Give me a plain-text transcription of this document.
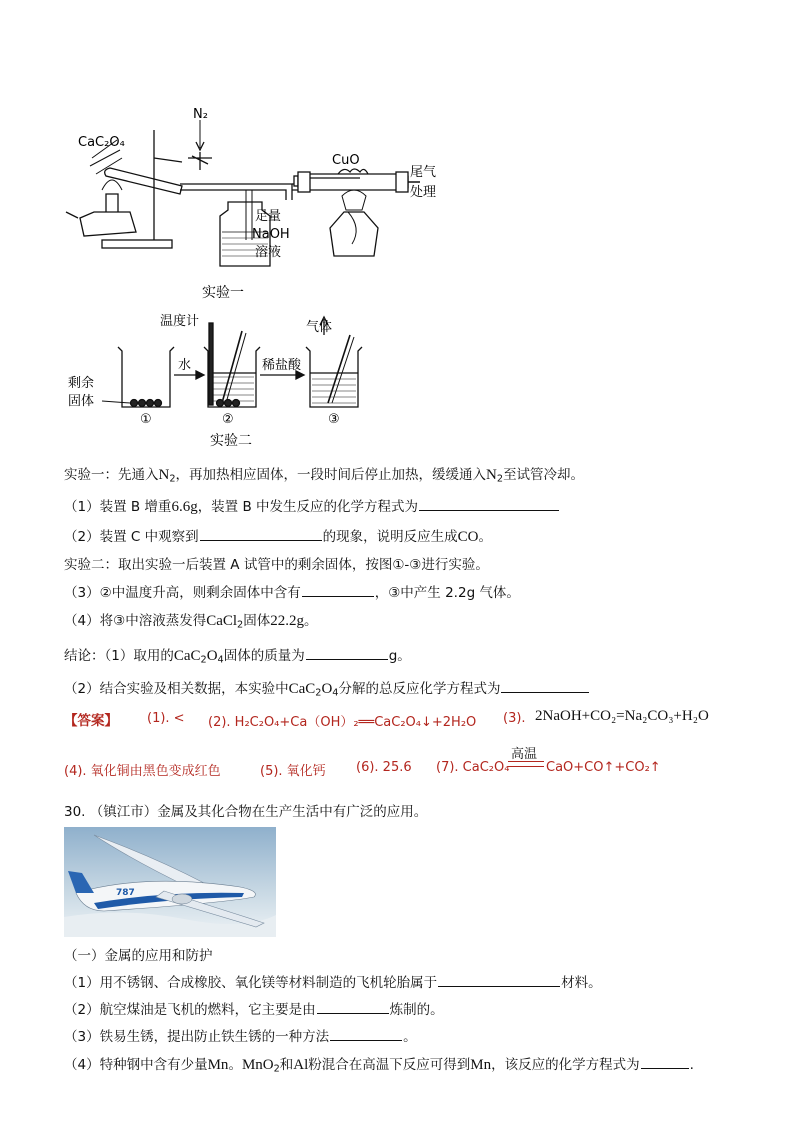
CaC₂O₄
N₂
CuO
尾气
处理
足量
NaOH
溶液
实验一
温度计	气体
水	稀盐酸
剩余
固体
①	②	③
实验二
实验一：先通入$N_2$，再加热相应固体，一段时间后停止加热，缓缓通入$N_2$至试管冷却。
（1）装置 B 增重6.6g，装置 B 中发生反应的化学方程式为
（2）装置 C 中观察到	的现象，说明反应生成CO。
实验二：取出实验一后装置 A 试管中的剩余固体，按图①-③进行实验。
（3）②中温度升高，则剩余固体中含有	，③中产生 2.2g 气体。
（4）将③中溶液蒸发得CaCl$_2$固体22.2g。
结论：（1）取用的$CaC_2O_4$固体的质量为	g。
（2）结合实验及相关数据，本实验中$CaC_2O_4$分解的总反应化学方程式为
【答案】 (1). < (2). H₂C₂O₄+Ca（OH）₂══CaC₂O₄↓+2H₂O (3). 2NaOH+CO₂=Na₂CO₃+H₂O
(4). 氧化铜由黑色变成红色	(5). 氧化钙 (6). 25.6 (7). CaC₂O₄
高温
CaO+CO↑+CO₂↑
30. （镇江市）金属及其化合物在生产生活中有广泛的应用。
787
（一）金属的应用和防护
（1）用不锈钢、合成橡胶、氧化镁等材料制造的飞机轮胎属于	材料。
（2）航空煤油是飞机的燃料，它主要是由	炼制的。
（3）铁易生锈，提出防止铁生锈的一种方法	。
（4）特种钢中含有少量Mn。MnO$_2$和Al粉混合在高温下反应可得到Mn，该反应的化学方程式为	.
